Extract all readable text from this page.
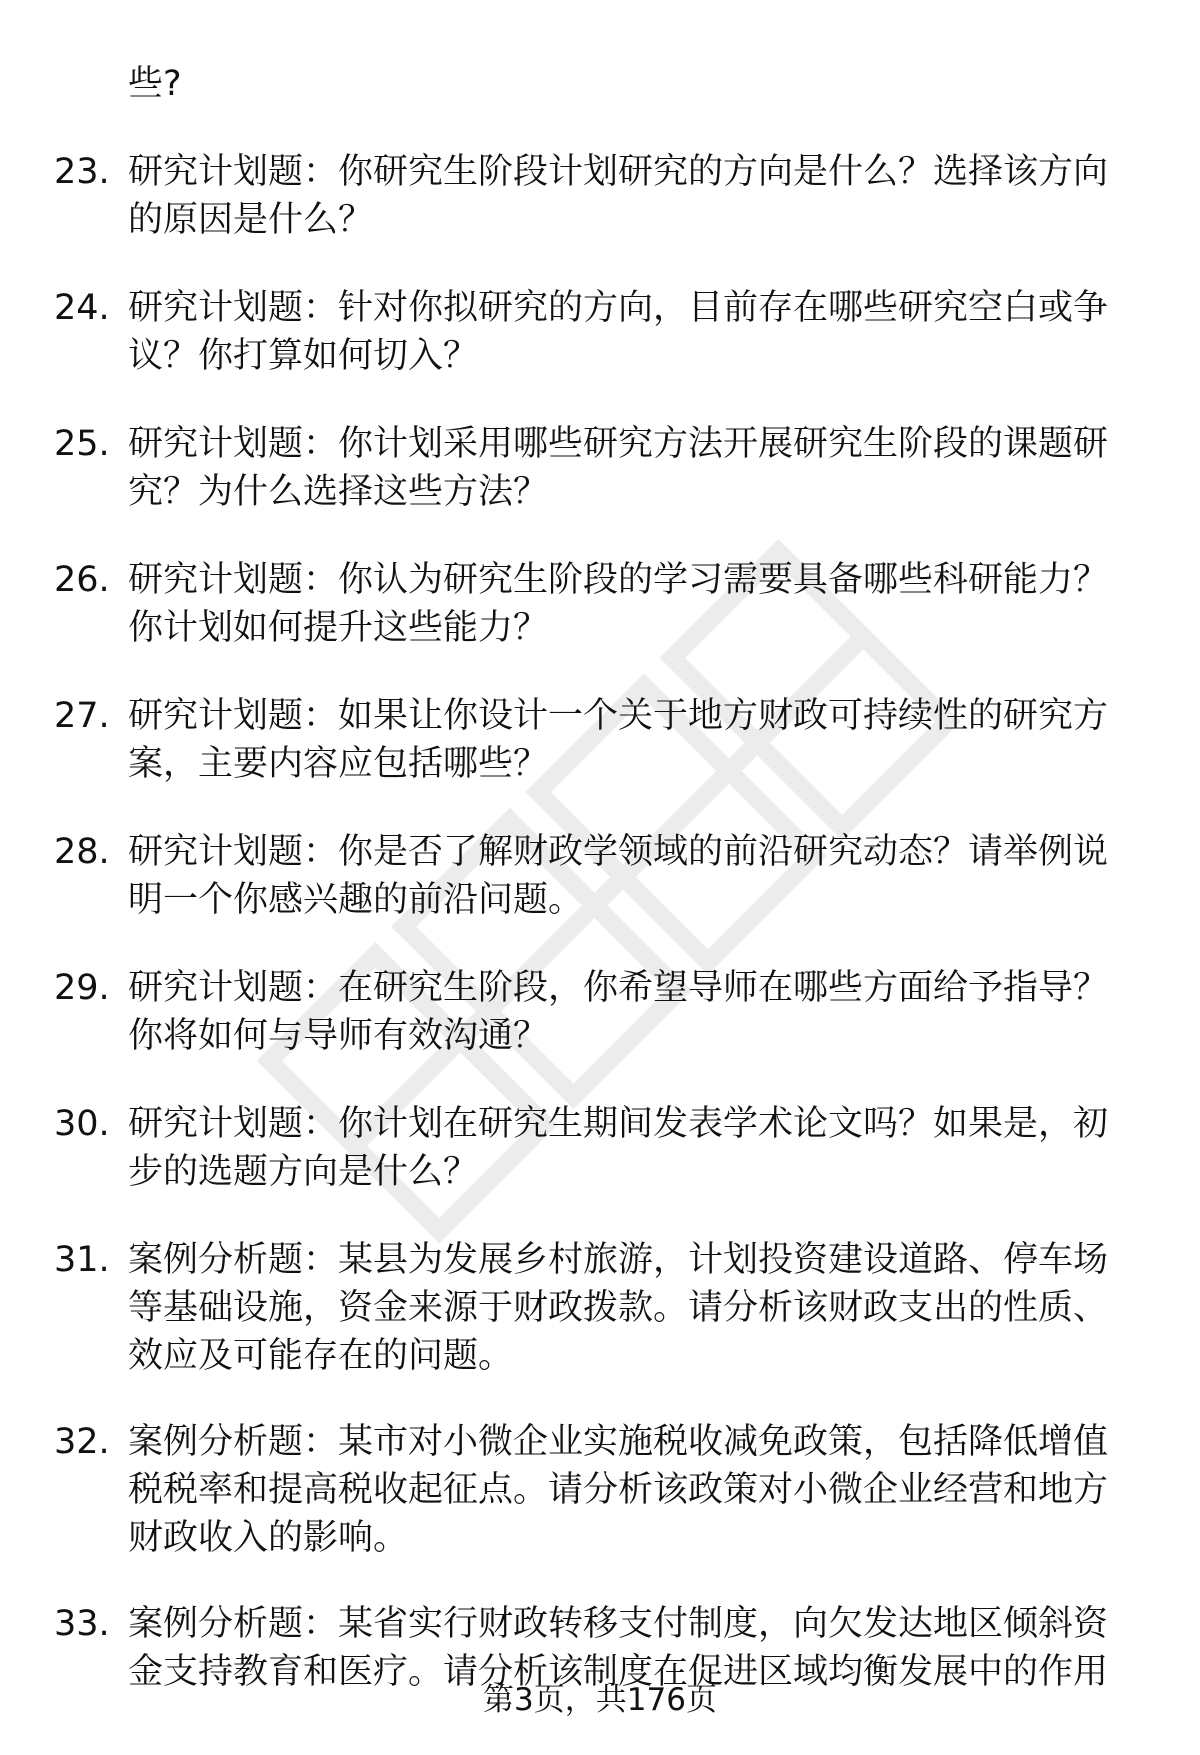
些?
23. 研究计划题：你研究生阶段计划研究的方向是什么？选择该方向
的原因是什么？
24. 研究计划题：针对你拟研究的方向，目前存在哪些研究空白或争
议？你打算如何切入？
25. 研究计划题：你计划采用哪些研究方法开展研究生阶段的课题研
究？为什么选择这些方法？
26. 研究计划题：你认为研究生阶段的学习需要具备哪些科研能力？
你计划如何提升这些能力？
27. 研究计划题：如果让你设计一个关于地方财政可持续性的研究方
案，主要内容应包括哪些？
28. 研究计划题：你是否了解财政学领域的前沿研究动态？请举例说
明一个你感兴趣的前沿问题。
29. 研究计划题：在研究生阶段，你希望导师在哪些方面给予指导？
你将如何与导师有效沟通？
30. 研究计划题：你计划在研究生期间发表学术论文吗？如果是，初
步的选题方向是什么？
31. 案例分析题：某县为发展乡村旅游，计划投资建设道路、停车场
等基础设施，资金来源于财政拨款。请分析该财政支出的性质、
效应及可能存在的问题。
32. 案例分析题：某市对小微企业实施税收减免政策，包括降低增值
税税率和提高税收起征点。请分析该政策对小微企业经营和地方
财政收入的影响。
33. 案例分析题：某省实行财政转移支付制度，向欠发达地区倾斜资
金支持教育和医疗。请分析该制度在促进区域均衡发展中的作用
第3页，共176页
